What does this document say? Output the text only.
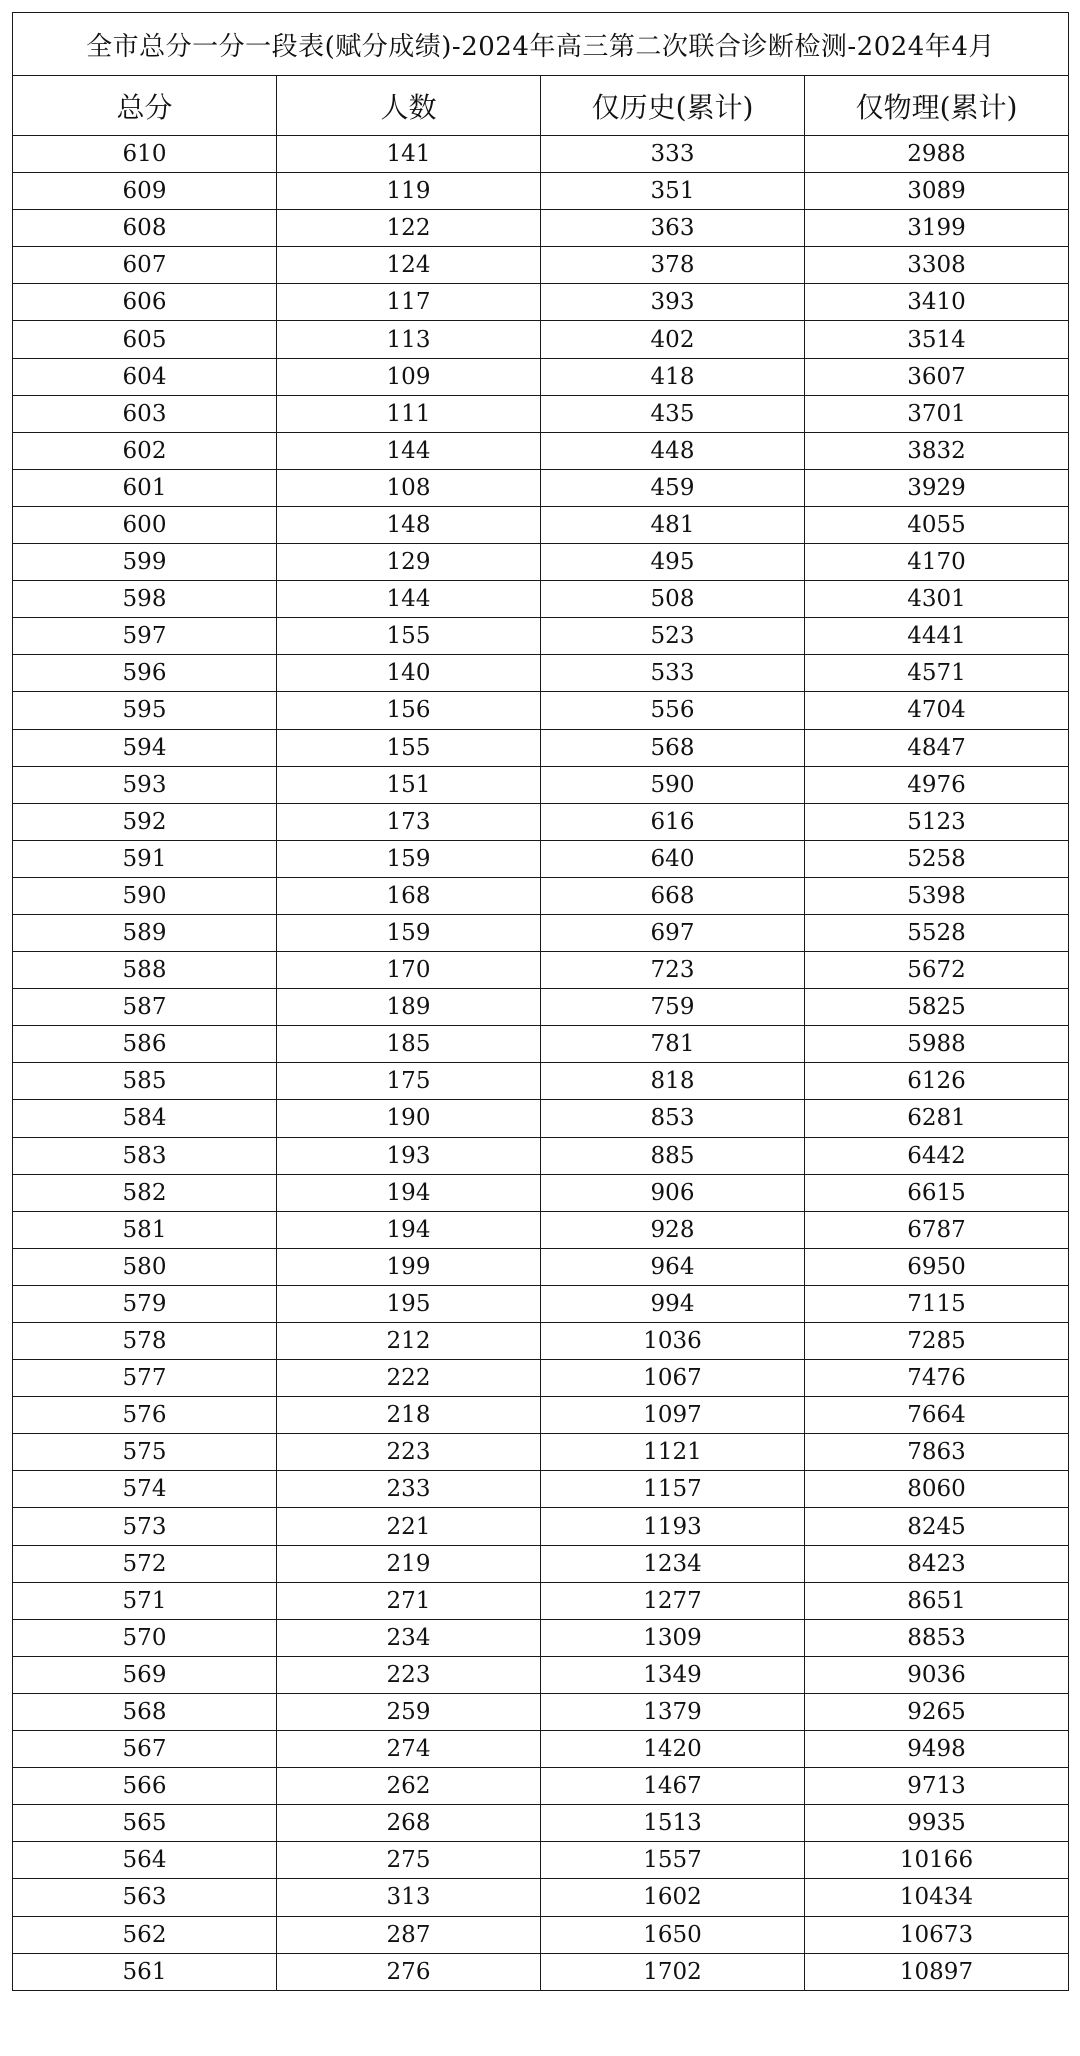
全市总分一分一段表(赋分成绩)-2024年高三第二次联合诊断检测-2024年4月			
总分	人数	仅历史(累计)	仅物理(累计)
610	141	333	2988
609	119	351	3089
608	122	363	3199
607	124	378	3308
606	117	393	3410
605	113	402	3514
604	109	418	3607
603	111	435	3701
602	144	448	3832
601	108	459	3929
600	148	481	4055
599	129	495	4170
598	144	508	4301
597	155	523	4441
596	140	533	4571
595	156	556	4704
594	155	568	4847
593	151	590	4976
592	173	616	5123
591	159	640	5258
590	168	668	5398
589	159	697	5528
588	170	723	5672
587	189	759	5825
586	185	781	5988
585	175	818	6126
584	190	853	6281
583	193	885	6442
582	194	906	6615
581	194	928	6787
580	199	964	6950
579	195	994	7115
578	212	1036	7285
577	222	1067	7476
576	218	1097	7664
575	223	1121	7863
574	233	1157	8060
573	221	1193	8245
572	219	1234	8423
571	271	1277	8651
570	234	1309	8853
569	223	1349	9036
568	259	1379	9265
567	274	1420	9498
566	262	1467	9713
565	268	1513	9935
564	275	1557	10166
563	313	1602	10434
562	287	1650	10673
561	276	1702	10897
